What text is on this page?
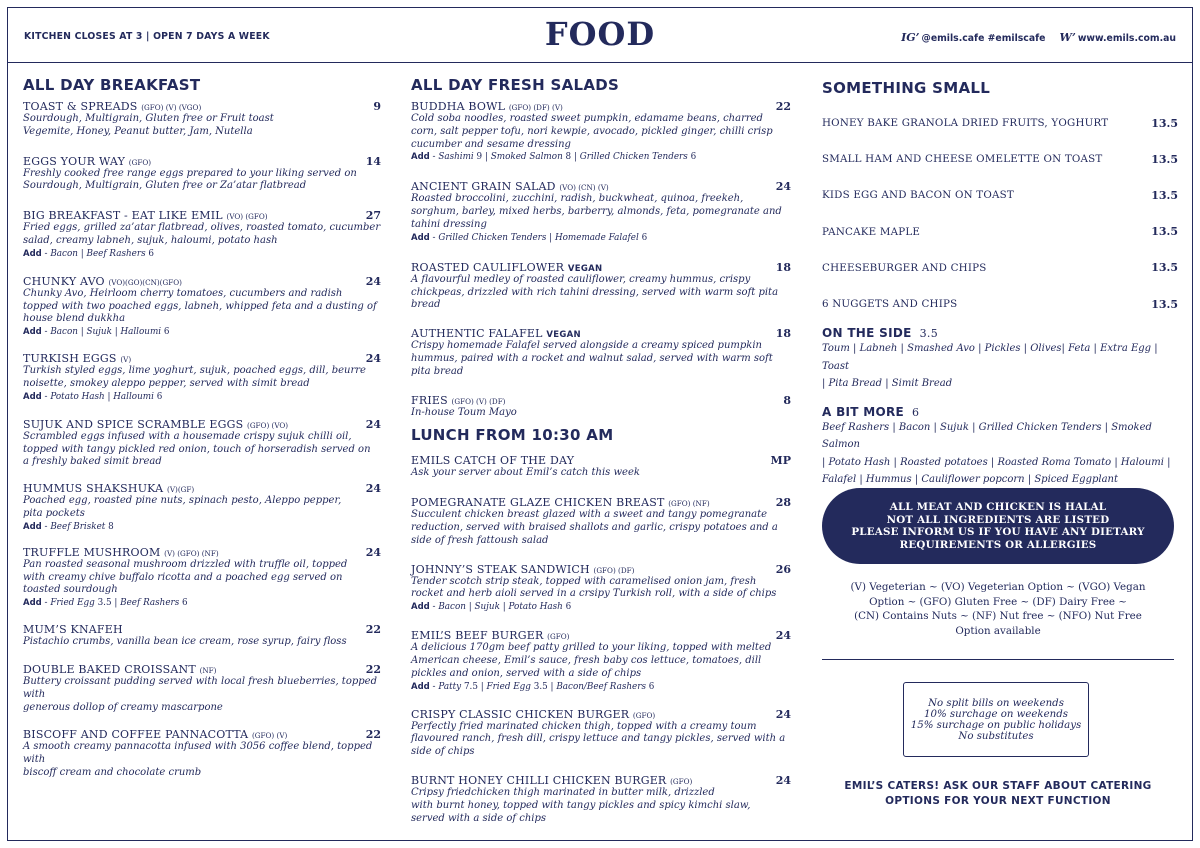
KITCHEN CLOSES AT 3 | OPEN 7 DAYS A WEEK	FOOD	IG’ @emils.cafe #emilscafe W’ www.emils.com.au
ALL DAY BREAKFAST
TOAST & SPREADS (GFO) (V) (VGO)	9
Sourdough, Multigrain, Gluten free or Fruit toast
Vegemite, Honey, Peanut butter, Jam, Nutella
EGGS YOUR WAY (GFO)	14
Freshly cooked free range eggs prepared to your liking served on
Sourdough, Multigrain, Gluten free or Za’atar flatbread
BIG BREAKFAST - EAT LIKE EMIL (VO) (GFO)	27
Fried eggs, grilled za’atar flatbread, olives, roasted tomato, cucumber
salad, creamy labneh, sujuk, haloumi, potato hash
Add - Bacon | Beef Rashers 6
CHUNKY AVO (VO)(GO)(CN)(GFO)	24
Chunky Avo, Heirloom cherry tomatoes, cucumbers and radish
topped with two poached eggs, labneh, whipped feta and a dusting of
house blend dukkha
Add - Bacon | Sujuk | Halloumi 6
TURKISH EGGS (V)	24
Turkish styled eggs, lime yoghurt, sujuk, poached eggs, dill, beurre
noisette, smokey aleppo pepper, served with simit bread
Add - Potato Hash | Halloumi 6
SUJUK AND SPICE SCRAMBLE EGGS (GFO) (VO)	24
Scrambled eggs infused with a housemade crispy sujuk chilli oil,
topped with tangy pickled red onion, touch of horseradish served on
a freshly baked simit bread
HUMMUS SHAKSHUKA (V)(GF)	24
Poached egg, roasted pine nuts, spinach pesto, Aleppo pepper,
pita pockets
Add - Beef Brisket 8
TRUFFLE MUSHROOM (V) (GFO) (NF)	24
Pan roasted seasonal mushroom drizzled with truffle oil, topped
with creamy chive buffalo ricotta and a poached egg served on
toasted sourdough
Add - Fried Egg 3.5 | Beef Rashers 6
MUM’S KNAFEH	22
Pistachio crumbs, vanilla bean ice cream, rose syrup, fairy floss
DOUBLE BAKED CROISSANT (NF)	22
Buttery croissant pudding served with local fresh blueberries, topped with
generous dollop of creamy mascarpone
BISCOFF AND COFFEE PANNACOTTA (GFO) (V)	22
A smooth creamy pannacotta infused with 3056 coffee blend, topped with
biscoff cream and chocolate crumb
ALL DAY FRESH SALADS
BUDDHA BOWL (GFO) (DF) (V)	22
Cold soba noodles, roasted sweet pumpkin, edamame beans, charred
corn, salt pepper tofu, nori kewpie, avocado, pickled ginger, chilli crisp
cucumber and sesame dressing
Add - Sashimi 9 | Smoked Salmon 8 | Grilled Chicken Tenders 6
ANCIENT GRAIN SALAD (VO) (CN) (V)	24
Roasted broccolini, zucchini, radish, buckwheat, quinoa, freekeh,
sorghum, barley, mixed herbs, barberry, almonds, feta, pomegranate and
tahini dressing
Add - Grilled Chicken Tenders | Homemade Falafel 6
ROASTED CAULIFLOWER VEGAN	18
A flavourful medley of roasted cauliflower, creamy hummus, crispy
chickpeas, drizzled with rich tahini dressing, served with warm soft pita
bread
AUTHENTIC FALAFEL VEGAN	18
Crispy homemade Falafel served alongside a creamy spiced pumpkin
hummus, paired with a rocket and walnut salad, served with warm soft
pita bread
FRIES (GFO) (V) (DF)	8
In-house Toum Mayo
LUNCH FROM 10:30 AM
EMILS CATCH OF THE DAY	MP
Ask your server about Emil’s catch this week
POMEGRANATE GLAZE CHICKEN BREAST (GFO) (NF)	28
Succulent chicken breast glazed with a sweet and tangy pomegranate
reduction, served with braised shallots and garlic, crispy potatoes and a
side of fresh fattoush salad
JOHNNY’S STEAK SANDWICH (GFO) (DF)	26
Tender scotch strip steak, topped with caramelised onion jam, fresh
rocket and herb aioli served in a crsipy Turkish roll, with a side of chips
Add - Bacon | Sujuk | Potato Hash 6
EMIL’S BEEF BURGER (GFO)	24
A delicious 170gm beef patty grilled to your liking, topped with melted
American cheese, Emil’s sauce, fresh baby cos lettuce, tomatoes, dill
pickles and onion, served with a side of chips
Add - Patty 7.5 | Fried Egg 3.5 | Bacon/Beef Rashers 6
CRISPY CLASSIC CHICKEN BURGER (GFO)	24
Perfectly fried marinated chicken thigh, topped with a creamy toum
flavoured ranch, fresh dill, crispy lettuce and tangy pickles, served with a
side of chips
BURNT HONEY CHILLI CHICKEN BURGER (GFO)	24
Cripsy friedchicken thigh marinated in butter milk, drizzled
with burnt honey, topped with tangy pickles and spicy kimchi slaw,
served with a side of chips
SOMETHING SMALL
HONEY BAKE GRANOLA DRIED FRUITS, YOGHURT	13.5
SMALL HAM AND CHEESE OMELETTE ON TOAST	13.5
KIDS EGG AND BACON ON TOAST	13.5
PANCAKE MAPLE	13.5
CHEESEBURGER AND CHIPS	13.5
6 NUGGETS AND CHIPS	13.5
ON THE SIDE 3.5
Toum | Labneh | Smashed Avo | Pickles | Olives| Feta | Extra Egg | Toast
| Pita Bread | Simit Bread
A BIT MORE 6
Beef Rashers | Bacon | Sujuk | Grilled Chicken Tenders | Smoked Salmon
| Potato Hash | Roasted potatoes | Roasted Roma Tomato | Haloumi |
Falafel | Hummus | Cauliflower popcorn | Spiced Eggplant
ALL MEAT AND CHICKEN IS HALAL
NOT ALL INGREDIENTS ARE LISTED
PLEASE INFORM US IF YOU HAVE ANY DIETARY
REQUIREMENTS OR ALLERGIES
(V) Vegeterian ~ (VO) Vegeterian Option ~ (VGO) Vegan
Option ~ (GFO) Gluten Free ~ (DF) Dairy Free ~
(CN) Contains Nuts ~ (NF) Nut free ~ (NFO) Nut Free
Option available
No split bills on weekends
10% surchage on weekends
15% surchage on public holidays
No substitutes
EMIL’S CATERS! ASK OUR STAFF ABOUT CATERING
OPTIONS FOR YOUR NEXT FUNCTION
